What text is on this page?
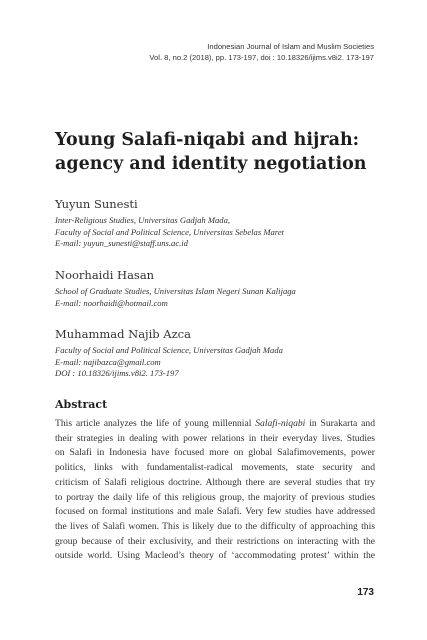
Indonesian Journal of Islam and Muslim Societies
Vol. 8, no.2 (2018), pp. 173-197, doi : 10.18326/ijims.v8i2. 173-197
Young Salafi-niqabi and hijrah:
agency and identity negotiation
Yuyun Sunesti
Inter-Religious Studies, Universitas Gadjah Mada,
Faculty of Social and Political Science, Universitas Sebelas Maret
E-mail: yuyun_sunesti@staff.uns.ac.id
Noorhaidi Hasan
School of Graduate Studies, Universitas Islam Negeri Sunan Kalijaga
E-mail: noorhaidi@hotmail.com
Muhammad Najib Azca
Faculty of Social and Political Science, Universitas Gadjah Mada
E-mail: najibazca@gmail.com
DOI : 10.18326/ijims.v8i2. 173-197
Abstract
This article analyzes the life of young millennial Salafi-niqabi in Surakarta and
their strategies in dealing with power relations in their everyday lives. Studies
on Salafi in Indonesia have focused more on global Salafimovements, power
politics, links with fundamentalist-radical movements, state security and
criticism of Salafi religious doctrine. Although there are several studies that try
to portray the daily life of this religious group, the majority of previous studies
focused on formal institutions and male Salafi. Very few studies have addressed
the lives of Salafi women. This is likely due to the difficulty of approaching this
group because of their exclusivity, and their restrictions on interacting with the
outside world. Using Macleod’s theory of ‘accommodating protest’ within the
173
